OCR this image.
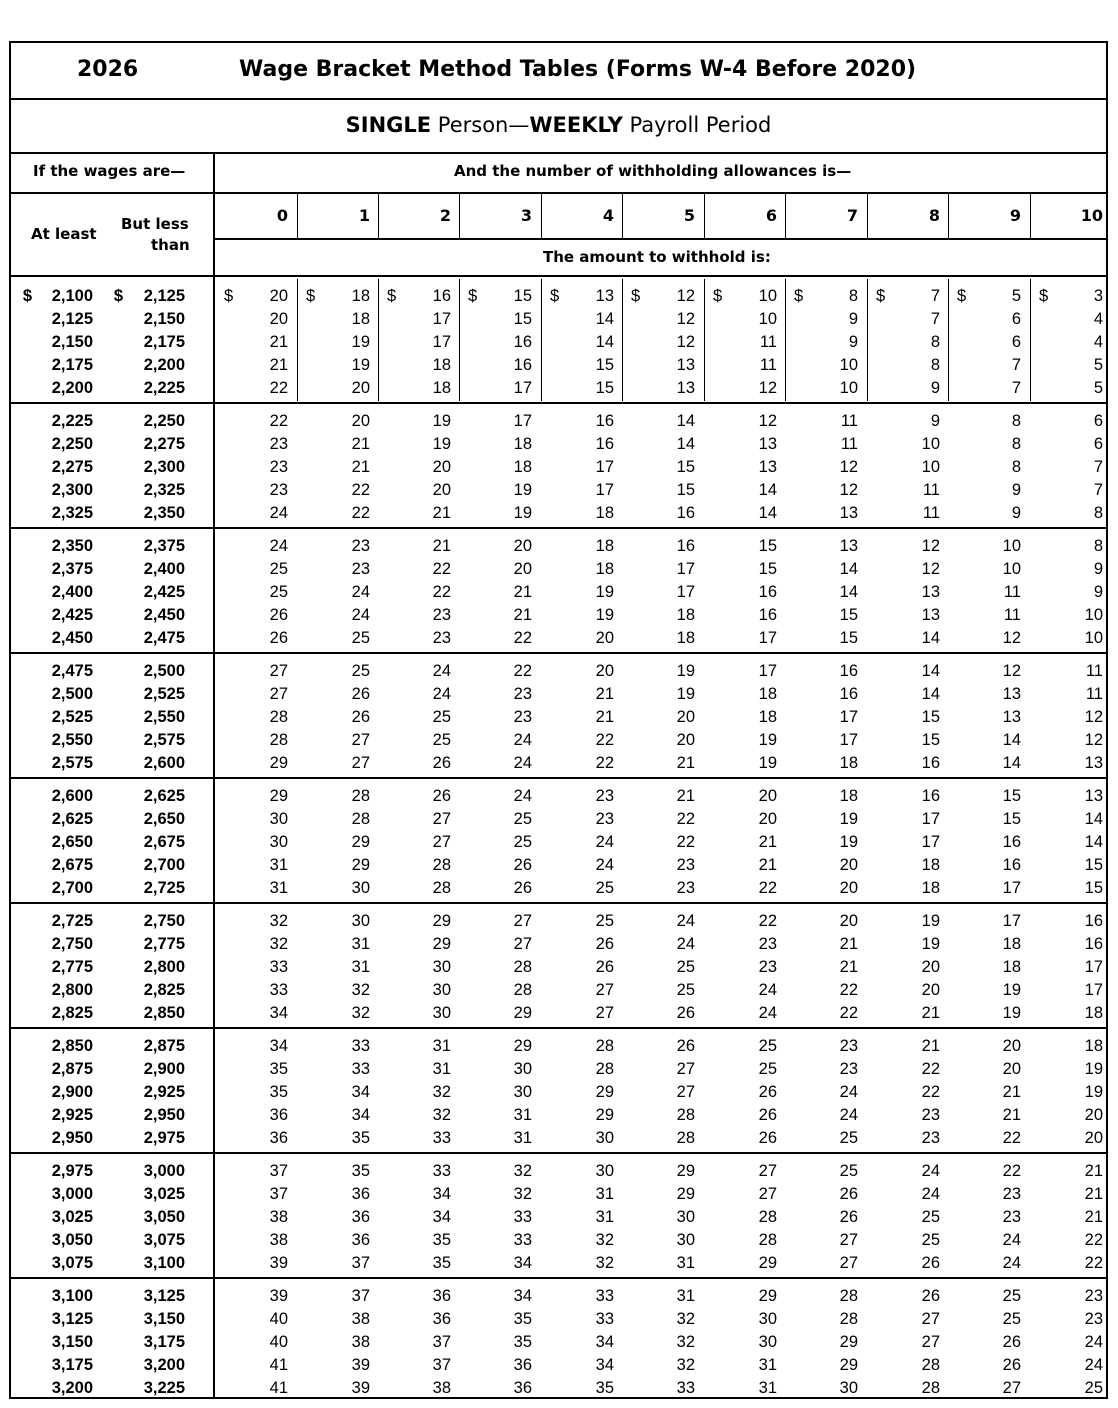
2026	Wage Bracket Method Tables (Forms W-4 Before 2020)
SINGLE Person—WEEKLY Payroll Period
If the wages are—	And the number of withholding allowances is—
At least
But less
than
0	1	2	3	4	5	6	7	8	9	10
The amount to withhold is:
$	$
2,100	2,125 $	20 $	18 $	16 $	15 $	13 $	12 $	10 $	8 $	7 $	5 $	3
2,125	2,150	20	18	17	15	14	12	10	9	7	6	4
2,150	2,175	21	19	17	16	14	12	11	9	8	6	4
2,175	2,200	21	19	18	16	15	13	11	10	8	7	5
2,200	2,225	22	20	18	17	15	13	12	10	9	7	5
2,225	2,250	22	20	19	17	16	14	12	11	9	8	6
2,250	2,275	23	21	19	18	16	14	13	11	10	8	6
2,275	2,300	23	21	20	18	17	15	13	12	10	8	7
2,300	2,325	23	22	20	19	17	15	14	12	11	9	7
2,325	2,350	24	22	21	19	18	16	14	13	11	9	8
2,350	2,375	24	23	21	20	18	16	15	13	12	10	8
2,375	2,400	25	23	22	20	18	17	15	14	12	10	9
2,400	2,425	25	24	22	21	19	17	16	14	13	11	9
2,425	2,450	26	24	23	21	19	18	16	15	13	11	10
2,450	2,475	26	25	23	22	20	18	17	15	14	12	10
2,475	2,500	27	25	24	22	20	19	17	16	14	12	11
2,500	2,525	27	26	24	23	21	19	18	16	14	13	11
2,525	2,550	28	26	25	23	21	20	18	17	15	13	12
2,550	2,575	28	27	25	24	22	20	19	17	15	14	12
2,575	2,600	29	27	26	24	22	21	19	18	16	14	13
2,600	2,625	29	28	26	24	23	21	20	18	16	15	13
2,625	2,650	30	28	27	25	23	22	20	19	17	15	14
2,650	2,675	30	29	27	25	24	22	21	19	17	16	14
2,675	2,700	31	29	28	26	24	23	21	20	18	16	15
2,700	2,725	31	30	28	26	25	23	22	20	18	17	15
2,725	2,750	32	30	29	27	25	24	22	20	19	17	16
2,750	2,775	32	31	29	27	26	24	23	21	19	18	16
2,775	2,800	33	31	30	28	26	25	23	21	20	18	17
2,800	2,825	33	32	30	28	27	25	24	22	20	19	17
2,825	2,850	34	32	30	29	27	26	24	22	21	19	18
2,850	2,875	34	33	31	29	28	26	25	23	21	20	18
2,875	2,900	35	33	31	30	28	27	25	23	22	20	19
2,900	2,925	35	34	32	30	29	27	26	24	22	21	19
2,925	2,950	36	34	32	31	29	28	26	24	23	21	20
2,950	2,975	36	35	33	31	30	28	26	25	23	22	20
2,975	3,000	37	35	33	32	30	29	27	25	24	22	21
3,000	3,025	37	36	34	32	31	29	27	26	24	23	21
3,025	3,050	38	36	34	33	31	30	28	26	25	23	21
3,050	3,075	38	36	35	33	32	30	28	27	25	24	22
3,075	3,100	39	37	35	34	32	31	29	27	26	24	22
3,100	3,125	39	37	36	34	33	31	29	28	26	25	23
3,125	3,150	40	38	36	35	33	32	30	28	27	25	23
3,150	3,175	40	38	37	35	34	32	30	29	27	26	24
3,175	3,200	41	39	37	36	34	32	31	29	28	26	24
3,200	3,225	41	39	38	36	35	33	31	30	28	27	25
